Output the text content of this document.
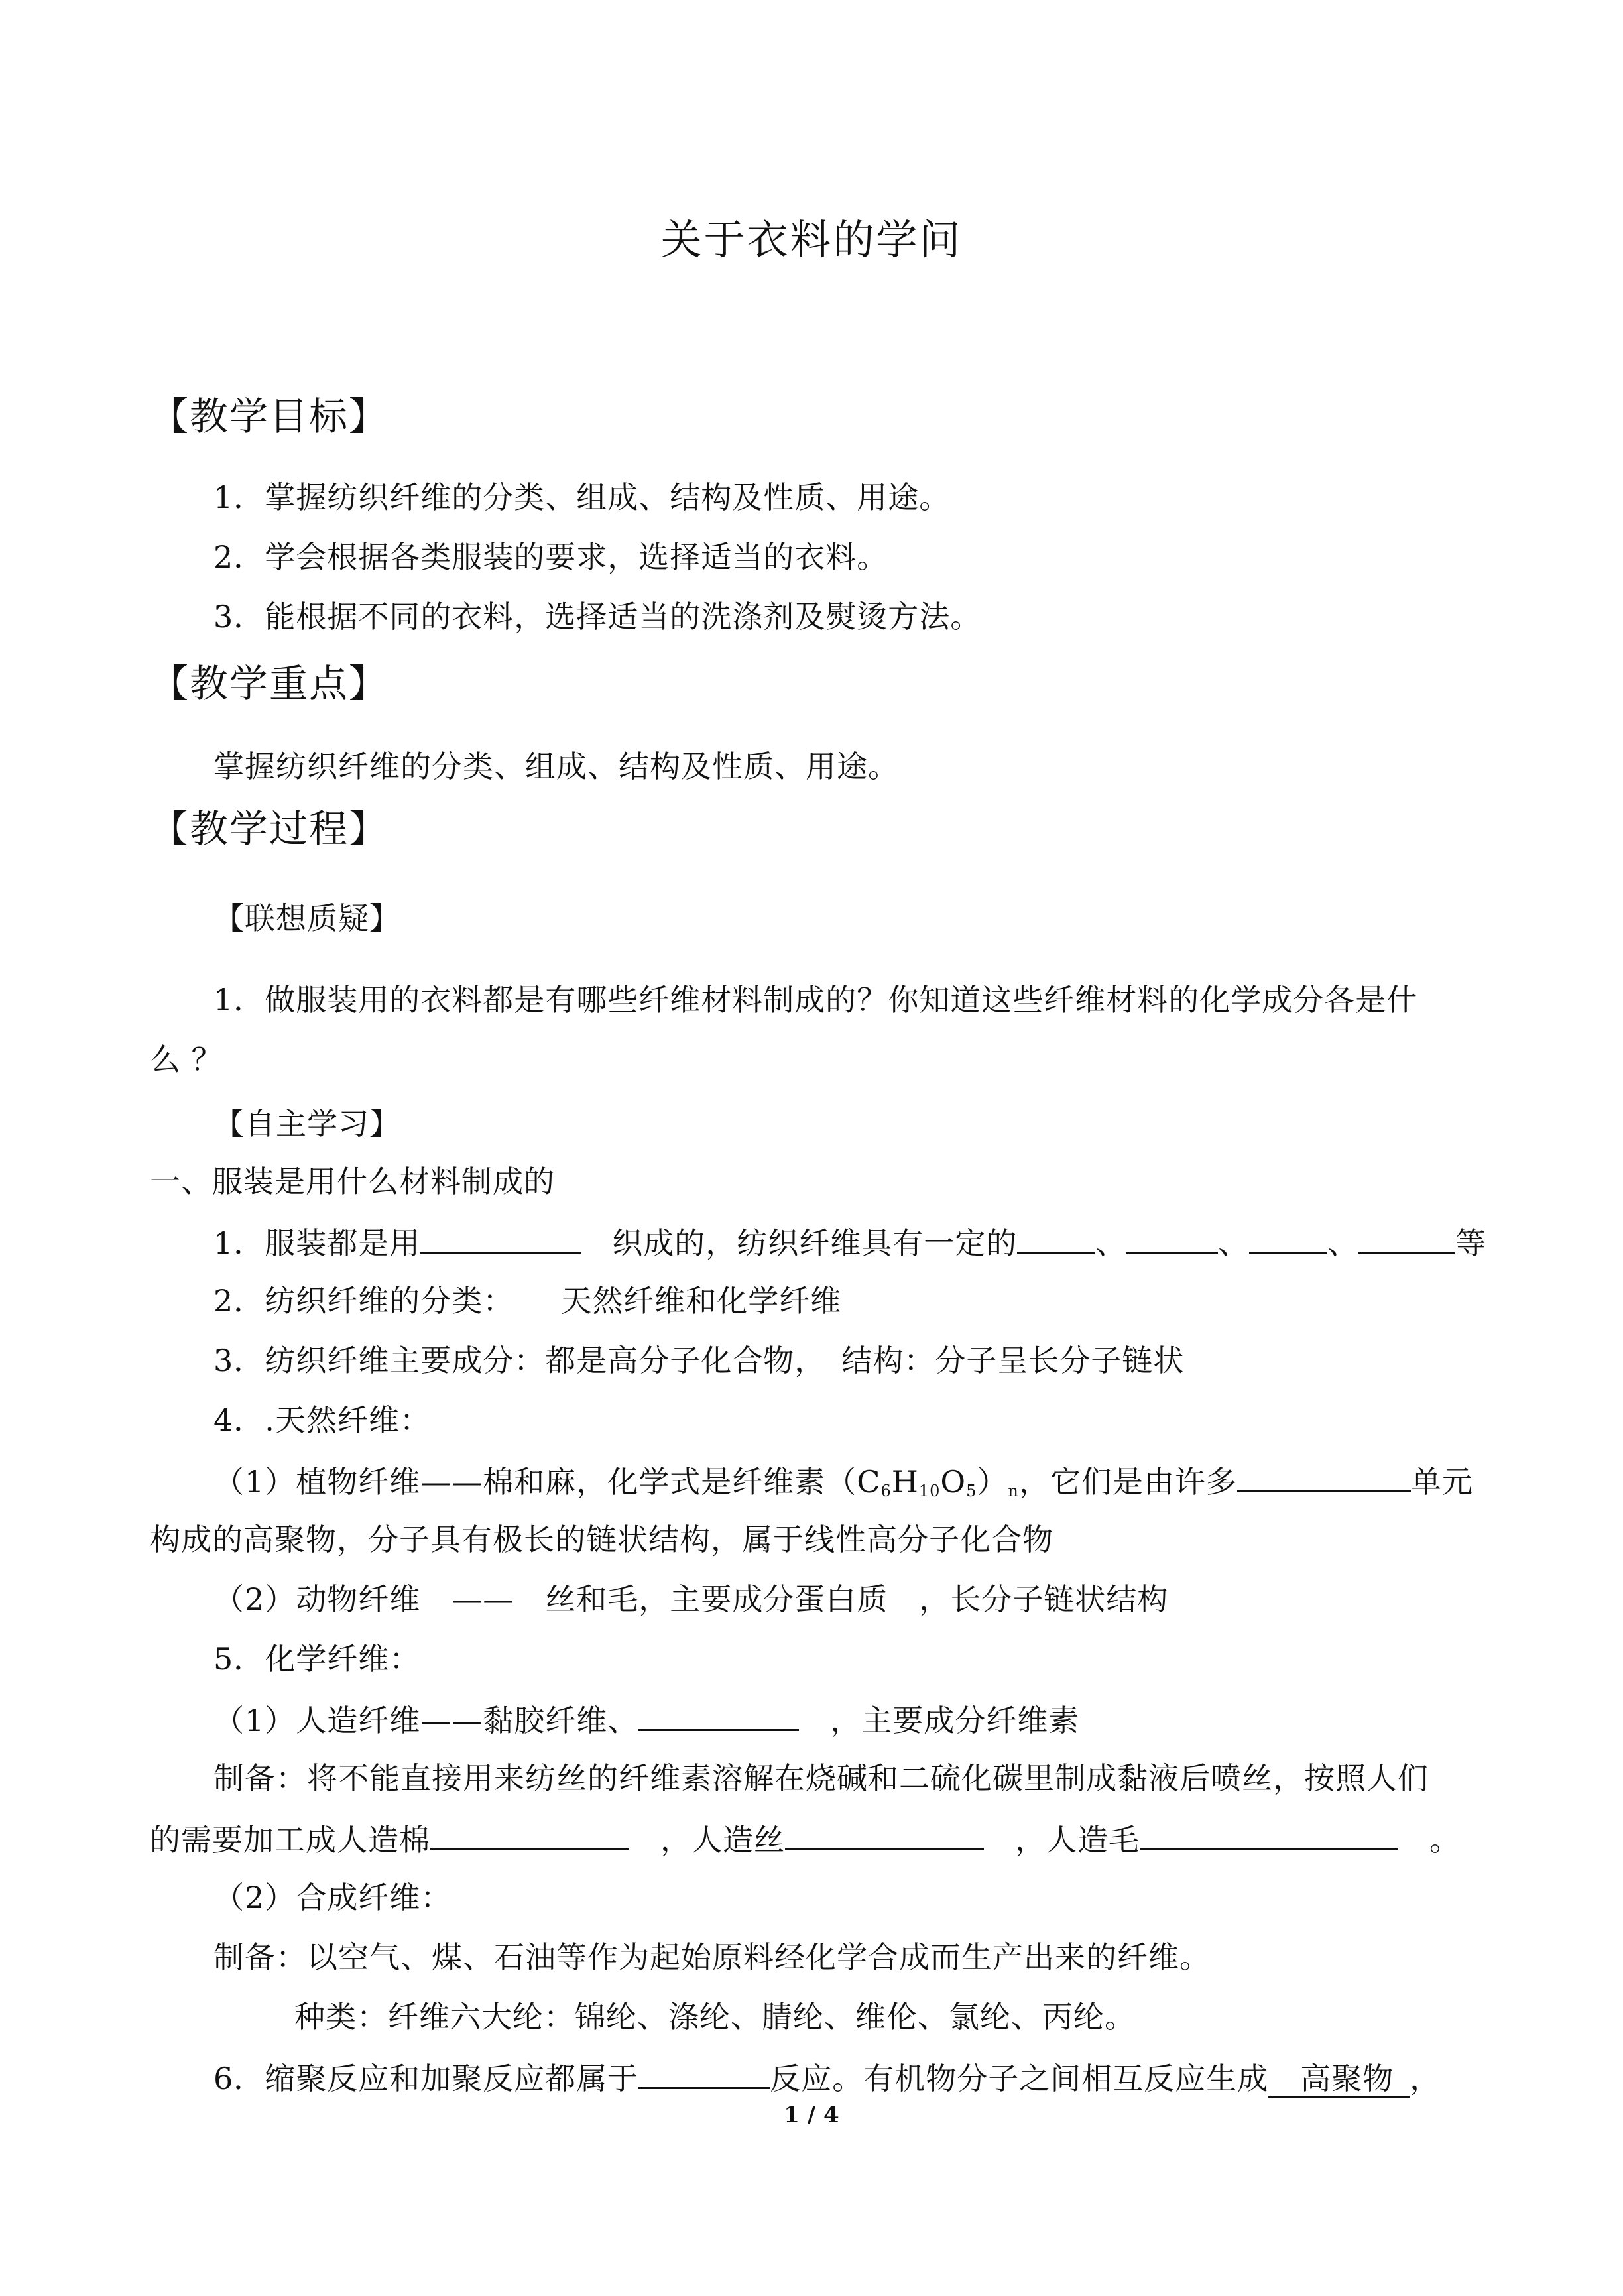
关于衣料的学问
【教学目标】
1．掌握纺织纤维的分类、组成、结构及性质、用途。
2．学会根据各类服装的要求，选择适当的衣料。
3．能根据不同的衣料，选择适当的洗涤剂及熨烫方法。
【教学重点】
掌握纺织纤维的分类、组成、结构及性质、用途。
【教学过程】
【联想质疑】
1．做服装用的衣料都是有哪些纤维材料制成的？你知道这些纤维材料的化学成分各是什
么 ？
【自主学习】
一、服装是用什么材料制成的
1．服装都是用　	织成的，纺织纤维具有一定的	、	、	、	等
2．纺织纤维的分类：　　天然纤维和化学纤维
3．纺织纤维主要成分：都是高分子化合物，　结构：分子呈长分子链状
4．.天然纤维：
（1）植物纤维——棉和麻，化学式是纤维素$(C_6H_{10}O_5)_n$，它们是由许多	单元
构成的高聚物，分子具有极长的链状结构，属于线性高分子化合物
（2）动物纤维　——　丝和毛，主要成分蛋白质　，长分子链状结构
5．化学纤维：
（1）人造纤维——黏胶纤维、　	，主要成分纤维素
制备：将不能直接用来纺丝的纤维素溶解在烧碱和二硫化碳里制成黏液后喷丝，按照人们
的需要加工成人造棉　	，人造丝　	，人造毛　	。
（2）合成纤维：
制备：以空气、煤、石油等作为起始原料经化学合成而生产出来的纤维。
种类：纤维六大纶：锦纶、涤纶、腈纶、维伦、氯纶、丙纶。
6．缩聚反应和加聚反应都属于	反应。有机物分子之间相互反应生成 高聚物 ，
1 / 4
